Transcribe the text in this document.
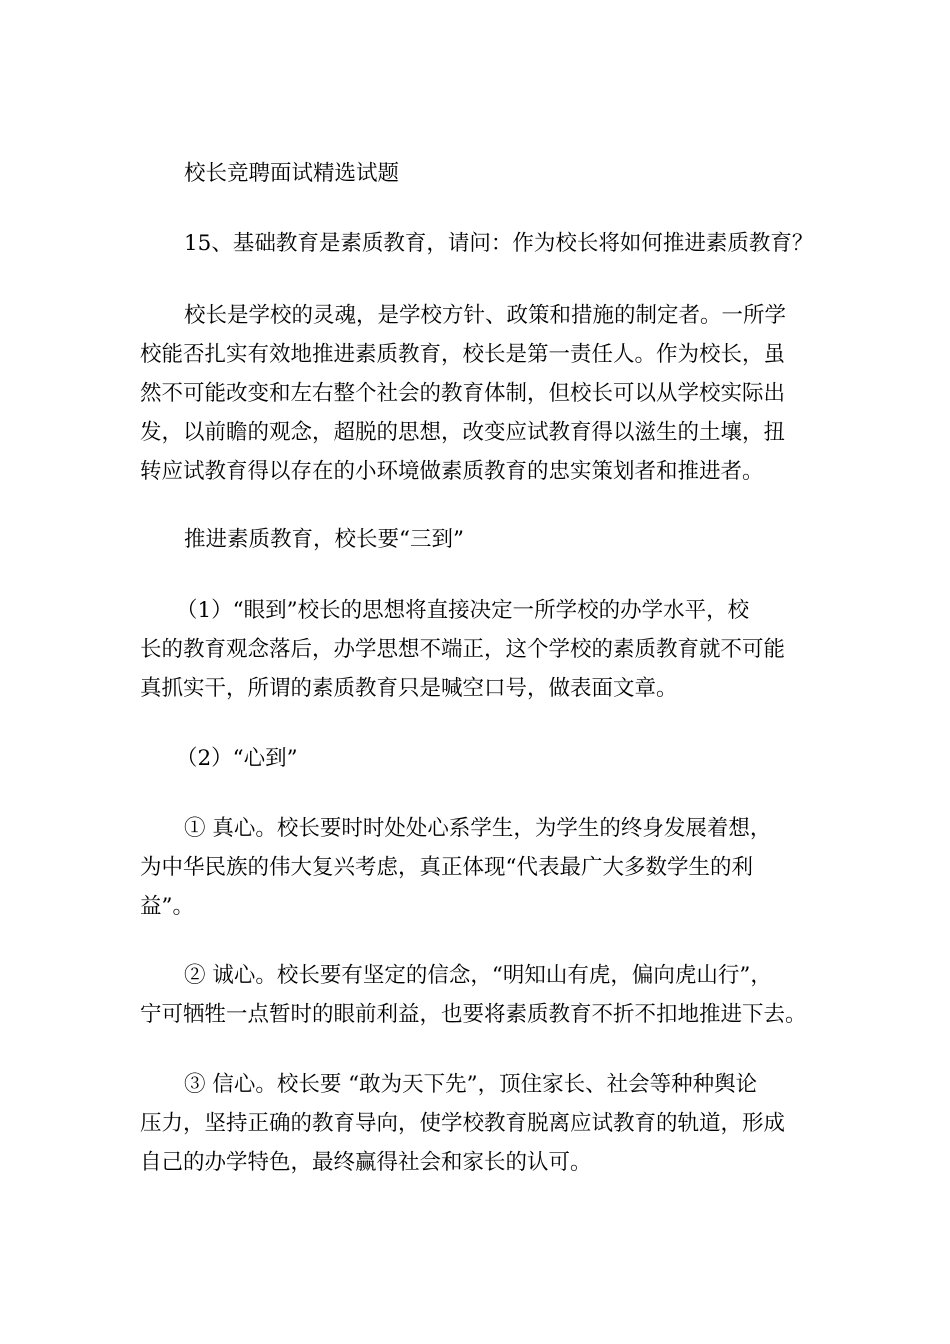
校长竞聘面试精选试题
15、基础教育是素质教育，请问：作为校长将如何推进素质教育？
校长是学校的灵魂，是学校方针、政策和措施的制定者。一所学
校能否扎实有效地推进素质教育，校长是第一责任人。作为校长，虽
然不可能改变和左右整个社会的教育体制，但校长可以从学校实际出
发，以前瞻的观念，超脱的思想，改变应试教育得以滋生的土壤，扭
转应试教育得以存在的小环境做素质教育的忠实策划者和推进者。
推进素质教育，校长要“三到”
（1）“眼到”校长的思想将直接决定一所学校的办学水平，校
长的教育观念落后，办学思想不端正，这个学校的素质教育就不可能
真抓实干，所谓的素质教育只是喊空口号，做表面文章。
（2）“心到”
① 真心。校长要时时处处心系学生，为学生的终身发展着想，
为中华民族的伟大复兴考虑，真正体现“代表最广大多数学生的利
益”。
② 诚心。校长要有坚定的信念，“明知山有虎，偏向虎山行”，
宁可牺牲一点暂时的眼前利益，也要将素质教育不折不扣地推进下去。
③ 信心。校长要 “敢为天下先”，顶住家长、社会等种种舆论
压力，坚持正确的教育导向，使学校教育脱离应试教育的轨道，形成
自己的办学特色，最终赢得社会和家长的认可。
